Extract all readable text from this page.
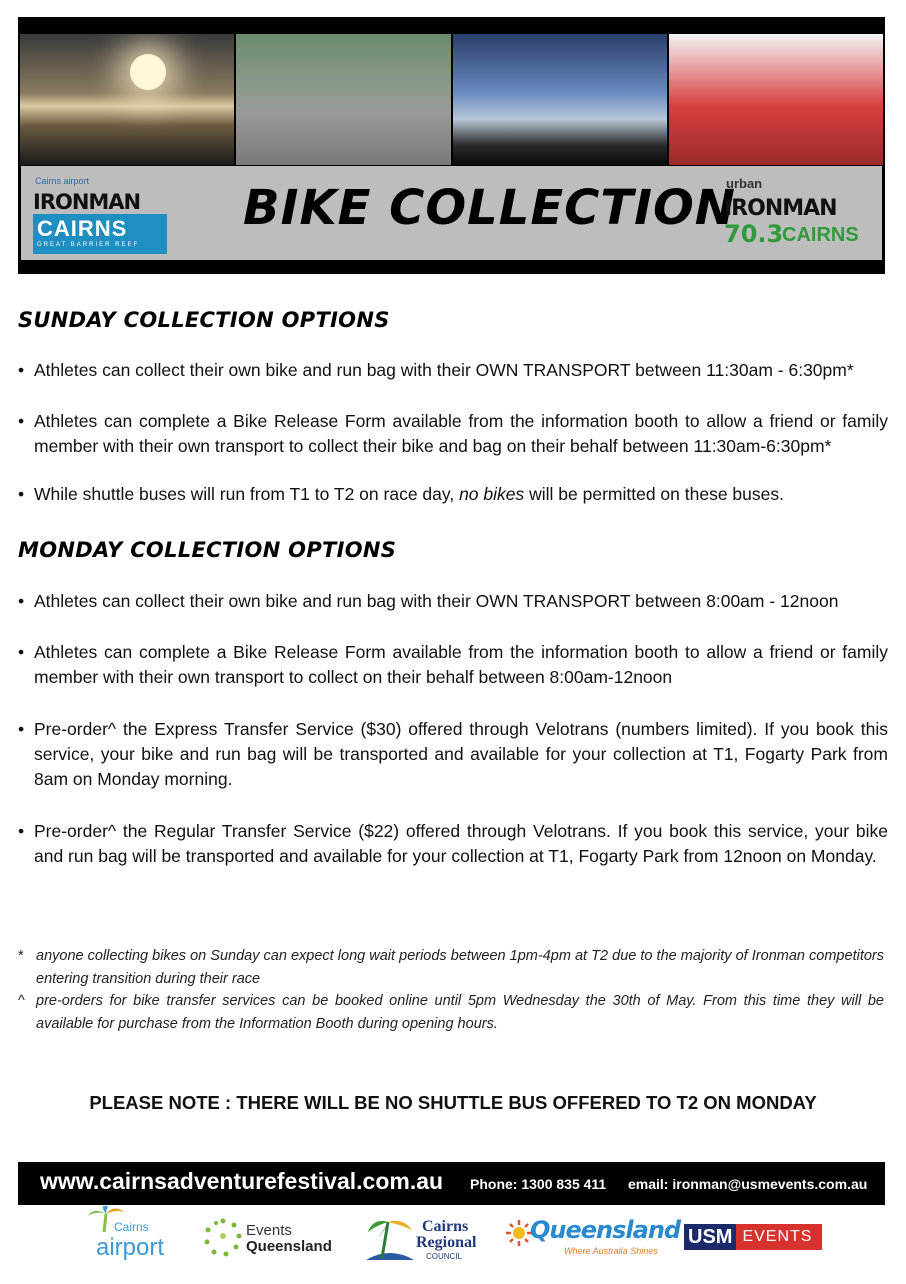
Cairns airport
IRONMAN
CAIRNS
GREAT BARRIER REEF
BIKE COLLECTION
urban
IRONMAN
70.3
CAIRNS
SUNDAY COLLECTION OPTIONS
• Athletes can collect their own bike and run bag with their OWN TRANSPORT between 11:30am - 6:30pm*
• Athletes can complete a Bike Release Form available from the information booth to allow a friend or family member with their own transport to collect their bike and bag on their behalf between 11:30am-6:30pm*
• While shuttle buses will run from T1 to T2 on race day, no bikes will be permitted on these buses.
MONDAY COLLECTION OPTIONS
• Athletes can collect their own bike and run bag with their OWN TRANSPORT between 8:00am - 12noon
• Athletes can complete a Bike Release Form available from the information booth to allow a friend or family member with their own transport to collect on their behalf between 8:00am-12noon
• Pre-order^ the Express Transfer Service ($30) offered through Velotrans (numbers limited). If you book this service, your bike and run bag will be transported and available for your collection at T1, Fogarty Park from 8am on Monday morning.
• Pre-order^ the Regular Transfer Service ($22) offered through Velotrans. If you book this service, your bike and run bag will be transported and available for your collection at T1, Fogarty Park from 12noon on Monday.
* anyone collecting bikes on Sunday can expect long wait periods between 1pm-4pm at T2 due to the majority of Ironman competitors entering transition during their race
^ pre-orders for bike transfer services can be booked online until 5pm Wednesday the 30th of May. From this time they will be available for purchase from the Information Booth during opening hours.
PLEASE NOTE : THERE WILL BE NO SHUTTLE BUS OFFERED TO T2 ON MONDAY
www.cairnsadventurefestival.com.au Phone: 1300 835 411 email: ironman@usmevents.com.au
Cairns
airport
Events
Queensland
Cairns
Regional
COUNCIL
Queensland
Where Australia Shines
USM EVENTS
